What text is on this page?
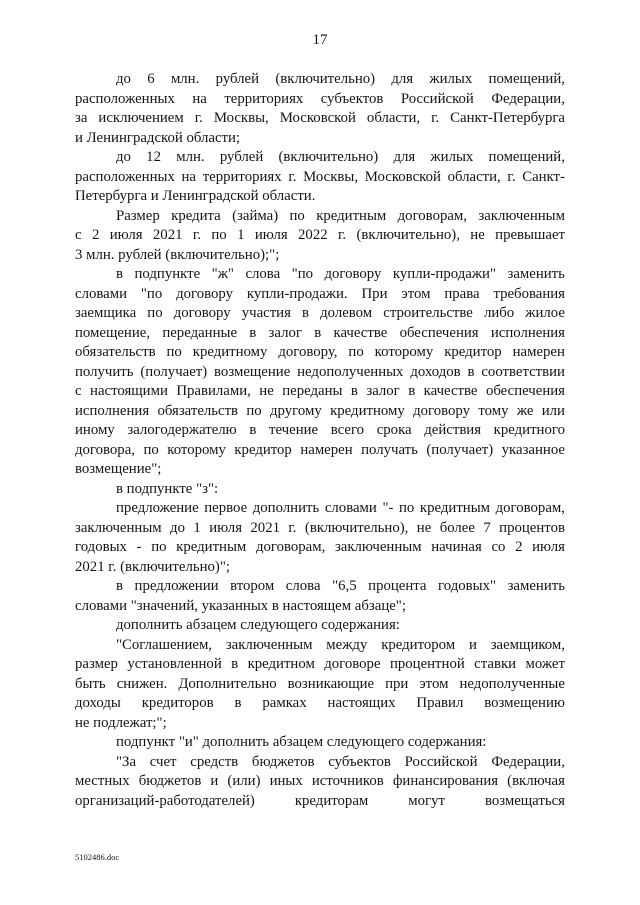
17
до 6 млн. рублей (включительно) для жилых помещений,
расположенных на территориях субъектов Российской Федерации,
за исключением г. Москвы, Московской области, г. Санкт-Петербурга
и Ленинградской области;
до 12 млн. рублей (включительно) для жилых помещений,
расположенных на территориях г. Москвы, Московской области, г. Санкт-
Петербурга и Ленинградской области.
Размер кредита (займа) по кредитным договорам, заключенным
с 2 июля 2021 г. по 1 июля 2022 г. (включительно), не превышает
3 млн. рублей (включительно);";
в подпункте "ж" слова "по договору купли-продажи" заменить
словами "по договору купли-продажи. При этом права требования
заемщика по договору участия в долевом строительстве либо жилое
помещение, переданные в залог в качестве обеспечения исполнения
обязательств по кредитному договору, по которому кредитор намерен
получить (получает) возмещение недополученных доходов в соответствии
с настоящими Правилами, не переданы в залог в качестве обеспечения
исполнения обязательств по другому кредитному договору тому же или
иному залогодержателю в течение всего срока действия кредитного
договора, по которому кредитор намерен получать (получает) указанное
возмещение";
в подпункте "з":
предложение первое дополнить словами "- по кредитным договорам,
заключенным до 1 июля 2021 г. (включительно), не более 7 процентов
годовых - по кредитным договорам, заключенным начиная со 2 июля
2021 г. (включительно)";
в предложении втором слова "6,5 процента годовых" заменить
словами "значений, указанных в настоящем абзаце";
дополнить абзацем следующего содержания:
"Соглашением, заключенным между кредитором и заемщиком,
размер установленной в кредитном договоре процентной ставки может
быть снижен. Дополнительно возникающие при этом недополученные
доходы кредиторов в рамках настоящих Правил возмещению
не подлежат;";
подпункт "и" дополнить абзацем следующего содержания:
"За счет средств бюджетов субъектов Российской Федерации,
местных бюджетов и (или) иных источников финансирования (включая
организаций-работодателей)	кредиторам	могут	возмещаться
5102486.doc
